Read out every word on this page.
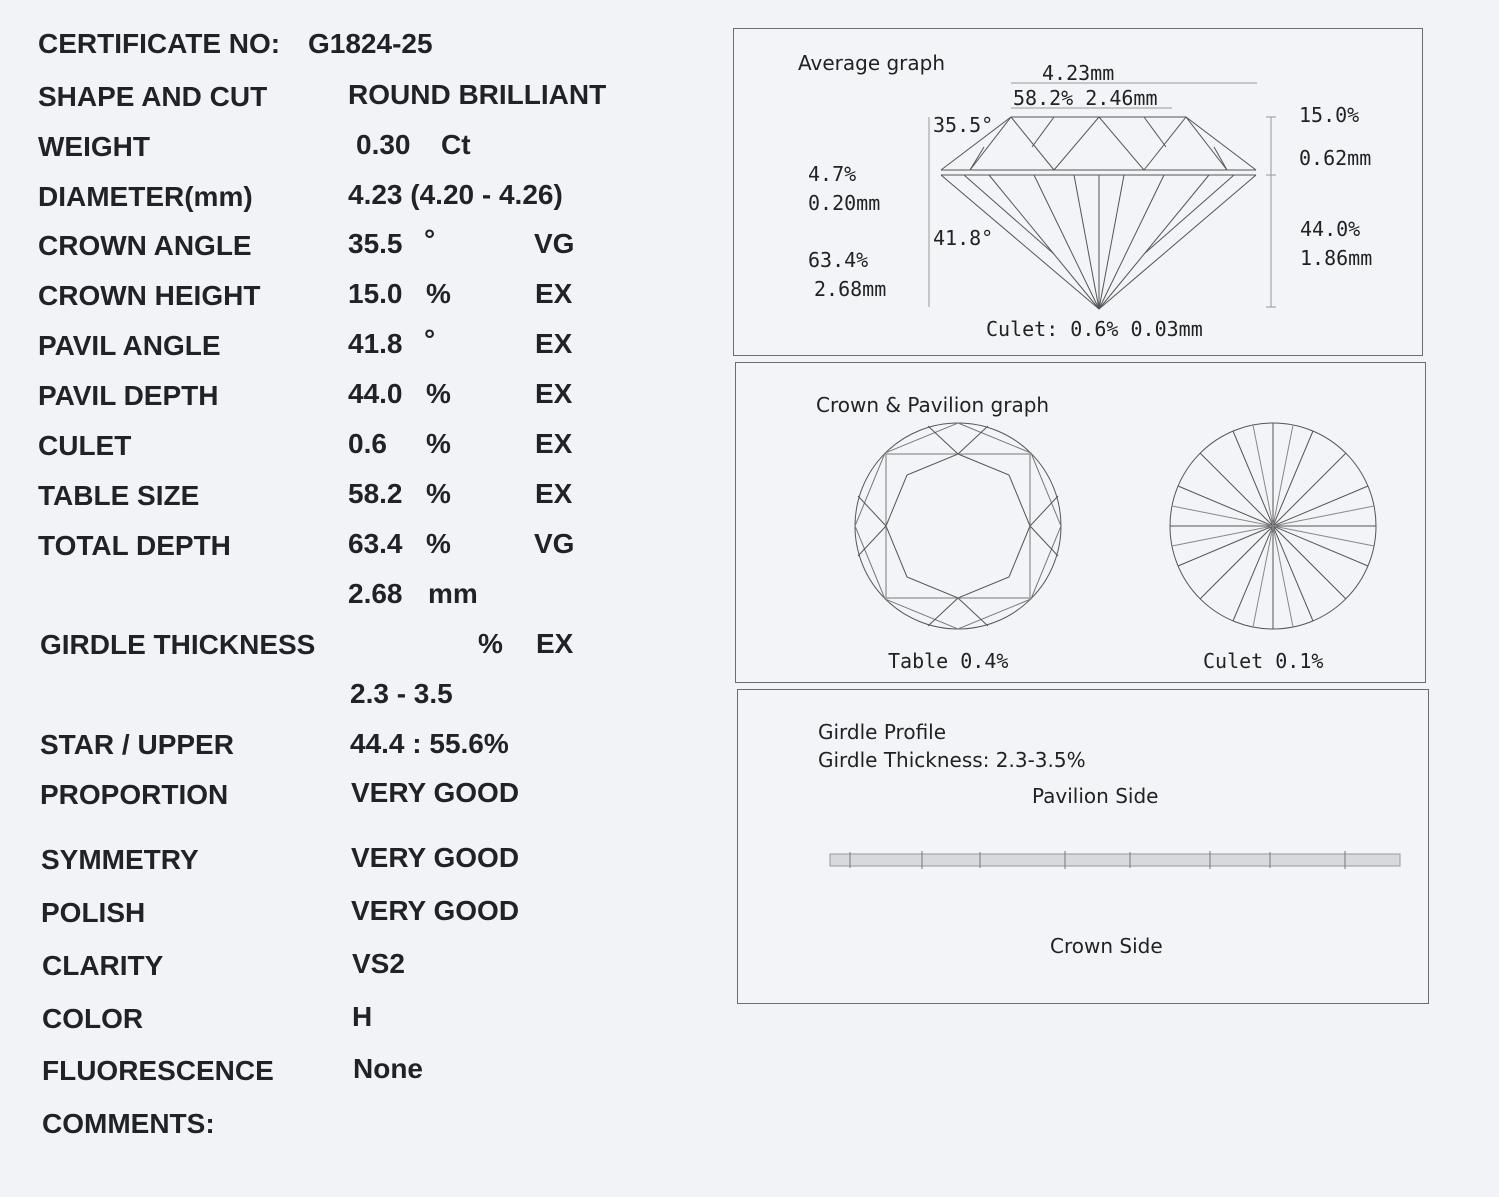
CERTIFICATE NO: G1824-25
SHAPE AND CUT	ROUND BRILLIANT
WEIGHT	0.30 Ct
DIAMETER(mm)	4.23 (4.20 - 4.26)
CROWN ANGLE	35.5 °	VG
CROWN HEIGHT	15.0 %	EX
PAVIL ANGLE	41.8 °	EX
PAVIL DEPTH	44.0 %	EX
CULET	0.6 %	EX
TABLE SIZE	58.2 %	EX
TOTAL DEPTH	63.4 %	VG
2.68 mm
GIRDLE THICKNESS	% EX
2.3 - 3.5
STAR / UPPER	44.4 : 55.6%
PROPORTION	VERY GOOD
SYMMETRY	VERY GOOD
POLISH	VERY GOOD
CLARITY	VS2
COLOR	H
FLUORESCENCE	None
COMMENTS:
Average graph	4.23mm
58.2% 2.46mm
35.5°
41.8°
4.7%
0.20mm
63.4%
2.68mm
15.0%
0.62mm
44.0%
1.86mm
Culet: 0.6% 0.03mm
Crown & Pavilion graph
Table 0.4%	Culet 0.1%
Girdle Profile
Girdle Thickness: 2.3-3.5%
Pavilion Side
Crown Side
